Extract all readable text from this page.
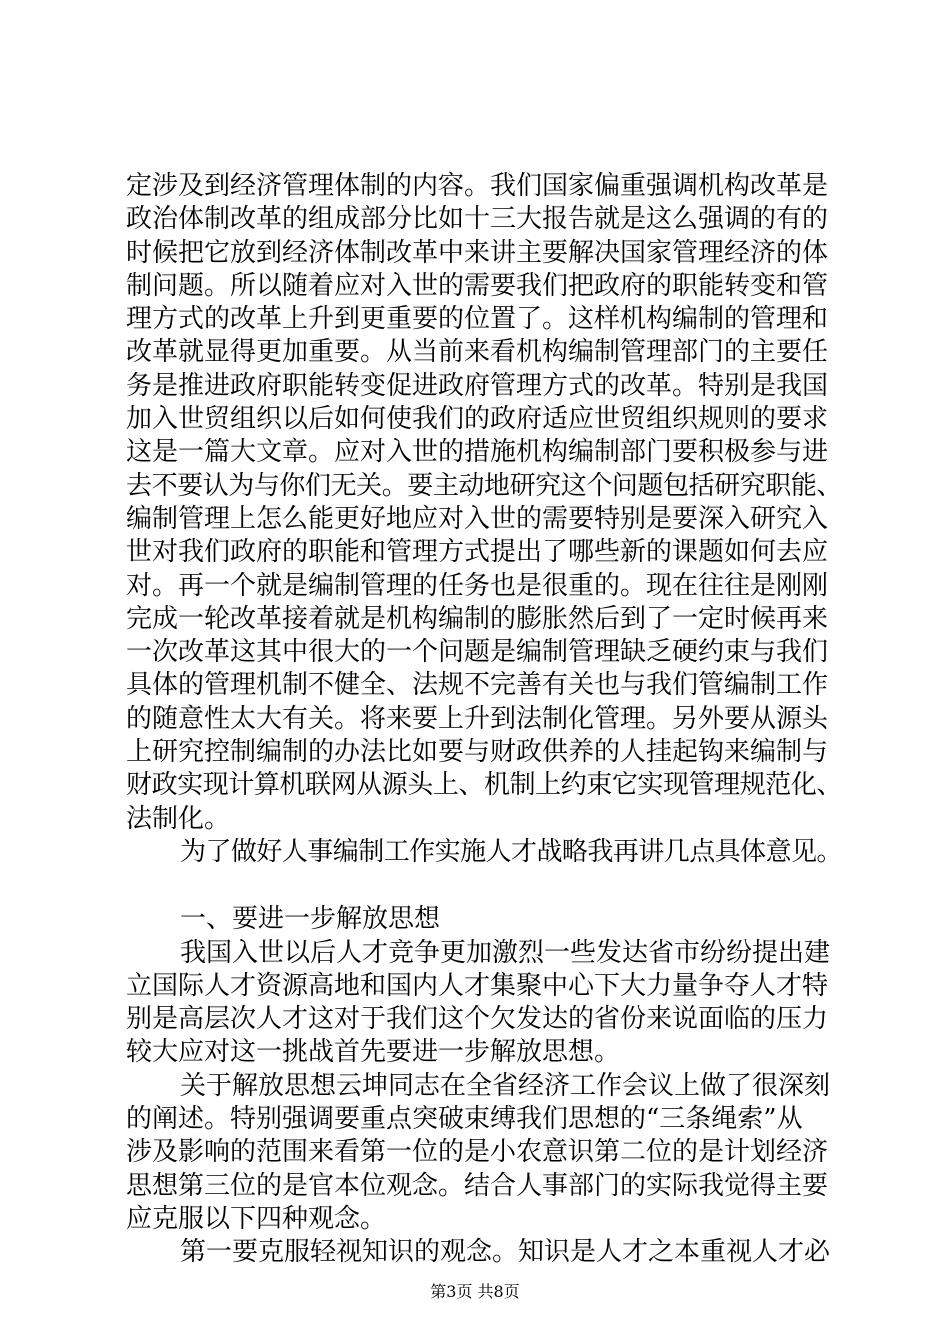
定涉及到经济管理体制的内容。我们国家偏重强调机构改革是
政治体制改革的组成部分比如十三大报告就是这么强调的有的
时候把它放到经济体制改革中来讲主要解决国家管理经济的体
制问题。所以随着应对入世的需要我们把政府的职能转变和管
理方式的改革上升到更重要的位置了。这样机构编制的管理和
改革就显得更加重要。从当前来看机构编制管理部门的主要任
务是推进政府职能转变促进政府管理方式的改革。特别是我国
加入世贸组织以后如何使我们的政府适应世贸组织规则的要求
这是一篇大文章。应对入世的措施机构编制部门要积极参与进
去不要认为与你们无关。要主动地研究这个问题包括研究职能、
编制管理上怎么能更好地应对入世的需要特别是要深入研究入
世对我们政府的职能和管理方式提出了哪些新的课题如何去应
对。再一个就是编制管理的任务也是很重的。现在往往是刚刚
完成一轮改革接着就是机构编制的膨胀然后到了一定时候再来
一次改革这其中很大的一个问题是编制管理缺乏硬约束与我们
具体的管理机制不健全、法规不完善有关也与我们管编制工作
的随意性太大有关。将来要上升到法制化管理。另外要从源头
上研究控制编制的办法比如要与财政供养的人挂起钩来编制与
财政实现计算机联网从源头上、机制上约束它实现管理规范化、
法制化。
为了做好人事编制工作实施人才战略我再讲几点具体意见。
一、要进一步解放思想
我国入世以后人才竞争更加激烈一些发达省市纷纷提出建
立国际人才资源高地和国内人才集聚中心下大力量争夺人才特
别是高层次人才这对于我们这个欠发达的省份来说面临的压力
较大应对这一挑战首先要进一步解放思想。
关于解放思想云坤同志在全省经济工作会议上做了很深刻
的阐述。特别强调要重点突破束缚我们思想的“三条绳索”从
涉及影响的范围来看第一位的是小农意识第二位的是计划经济
思想第三位的是官本位观念。结合人事部门的实际我觉得主要
应克服以下四种观念。
第一要克服轻视知识的观念。知识是人才之本重视人才必
第3页 共8页
